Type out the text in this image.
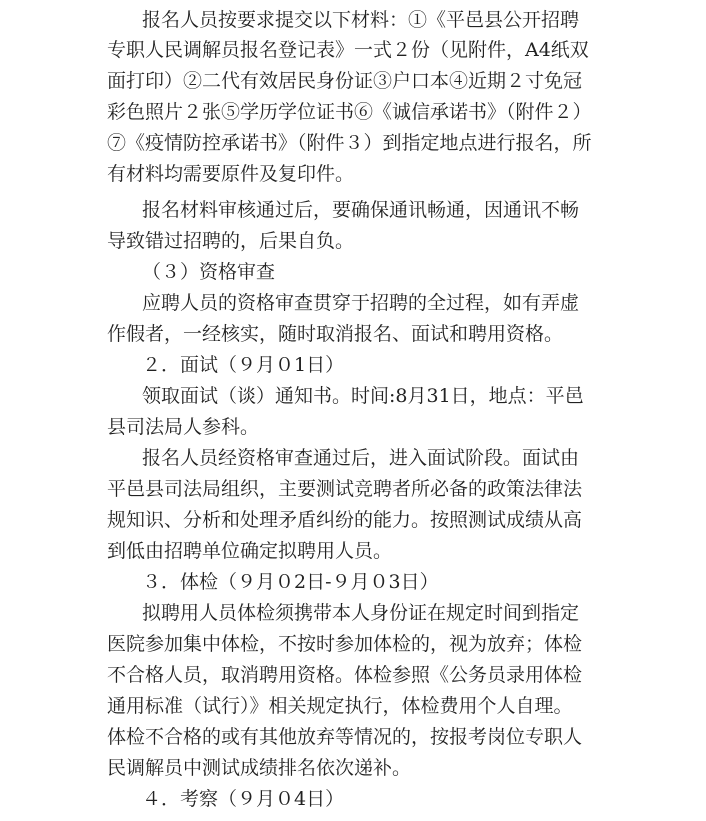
报名人员按要求提交以下材料：①《平邑县公开招聘
专职人民调解员报名登记表》一式２份（见附件，A4纸双
面打印）②二代有效居民身份证③户口本④近期２寸免冠
彩色照片２张⑤学历学位证书⑥《诚信承诺书》（附件２）
⑦《疫情防控承诺书》（附件３）到指定地点进行报名，所
有材料均需要原件及复印件。
报名材料审核通过后，要确保通讯畅通，因通讯不畅
导致错过招聘的，后果自负。
（３）资格审查
应聘人员的资格审查贯穿于招聘的全过程，如有弄虚
作假者，一经核实，随时取消报名、面试和聘用资格。
２．面试（９月０1日）
领取面试（谈）通知书。时间:8月31日，地点：平邑
县司法局人参科。
报名人员经资格审查通过后，进入面试阶段。面试由
平邑县司法局组织，主要测试竞聘者所必备的政策法律法
规知识、分析和处理矛盾纠纷的能力。按照测试成绩从高
到低由招聘单位确定拟聘用人员。
３．体检（９月０2日-９月０3日）
拟聘用人员体检须携带本人身份证在规定时间到指定
医院参加集中体检，不按时参加体检的，视为放弃；体检
不合格人员，取消聘用资格。体检参照《公务员录用体检
通用标准（试行）》相关规定执行，体检费用个人自理。
体检不合格的或有其他放弃等情况的，按报考岗位专职人
民调解员中测试成绩排名依次递补。
４．考察（９月０4日）
